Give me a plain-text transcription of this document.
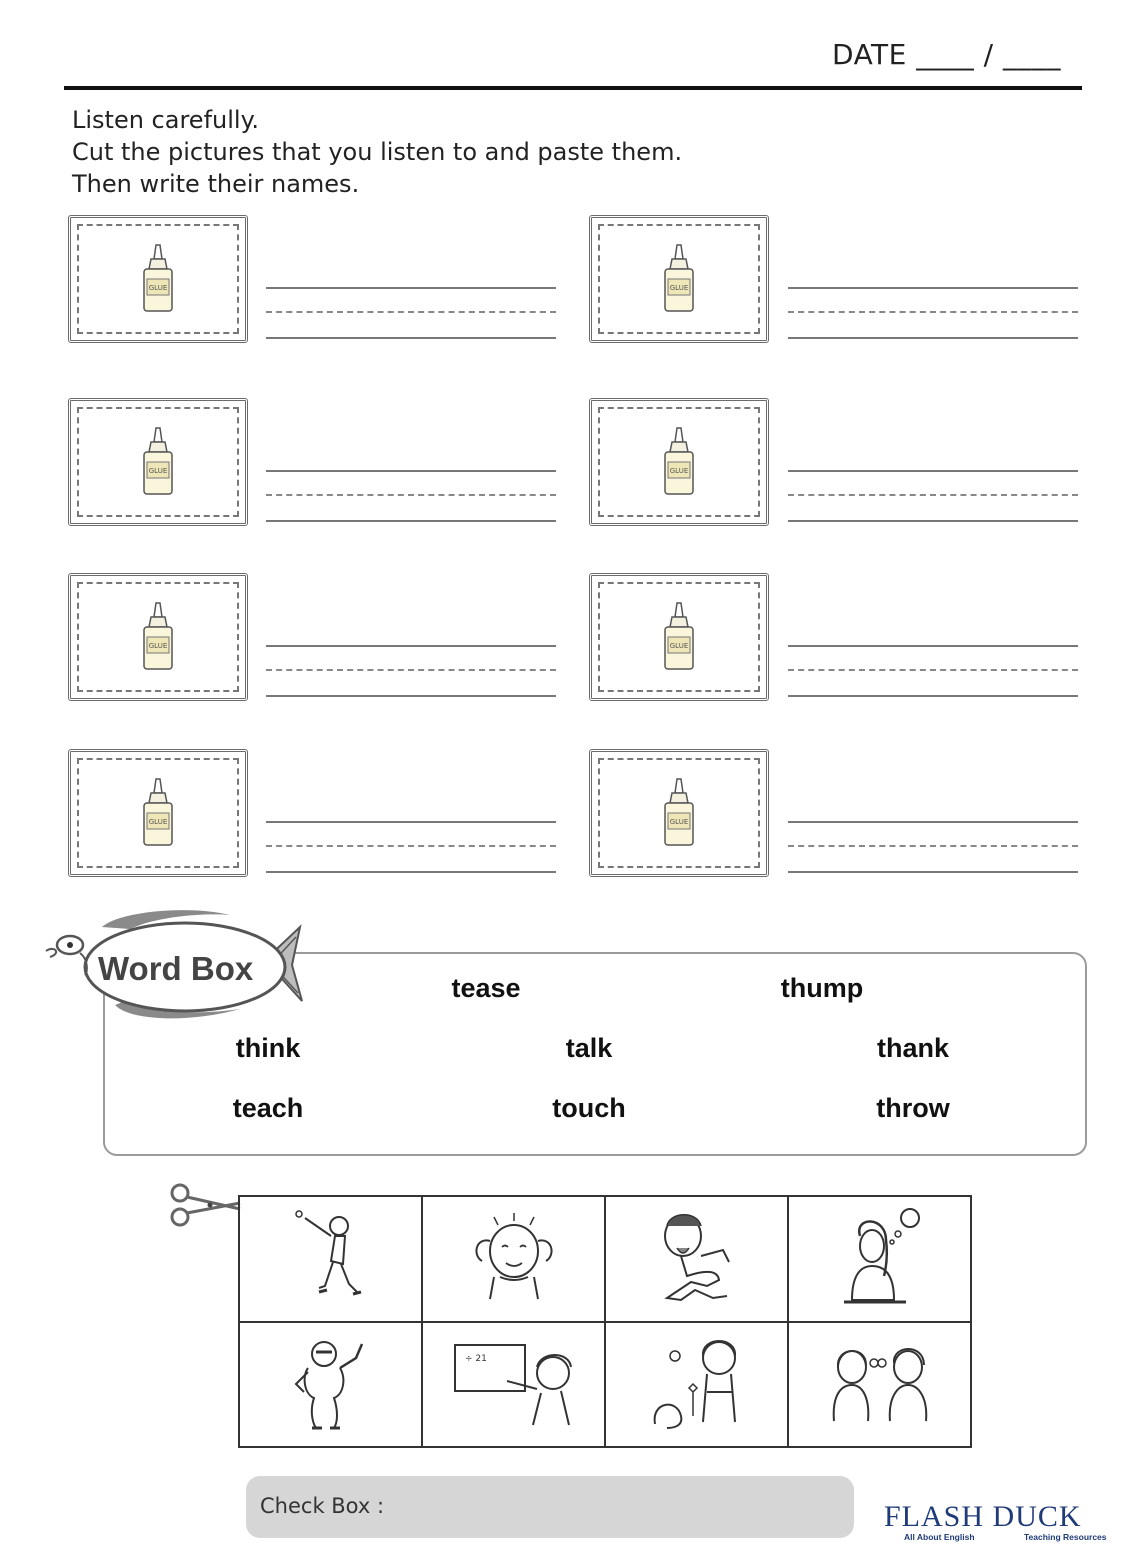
DATE ____ / ____
Listen carefully.
Cut the pictures that you listen to and paste them.
Then write their names.
GLUE	GLUE
GLUE	GLUE
GLUE	GLUE
GLUE	GLUE
Word Box
tease	thump
think	talk	thank
teach	touch	throw

÷ 21

Check Box :	FLASH DUCK
All About English	Teaching Resources
